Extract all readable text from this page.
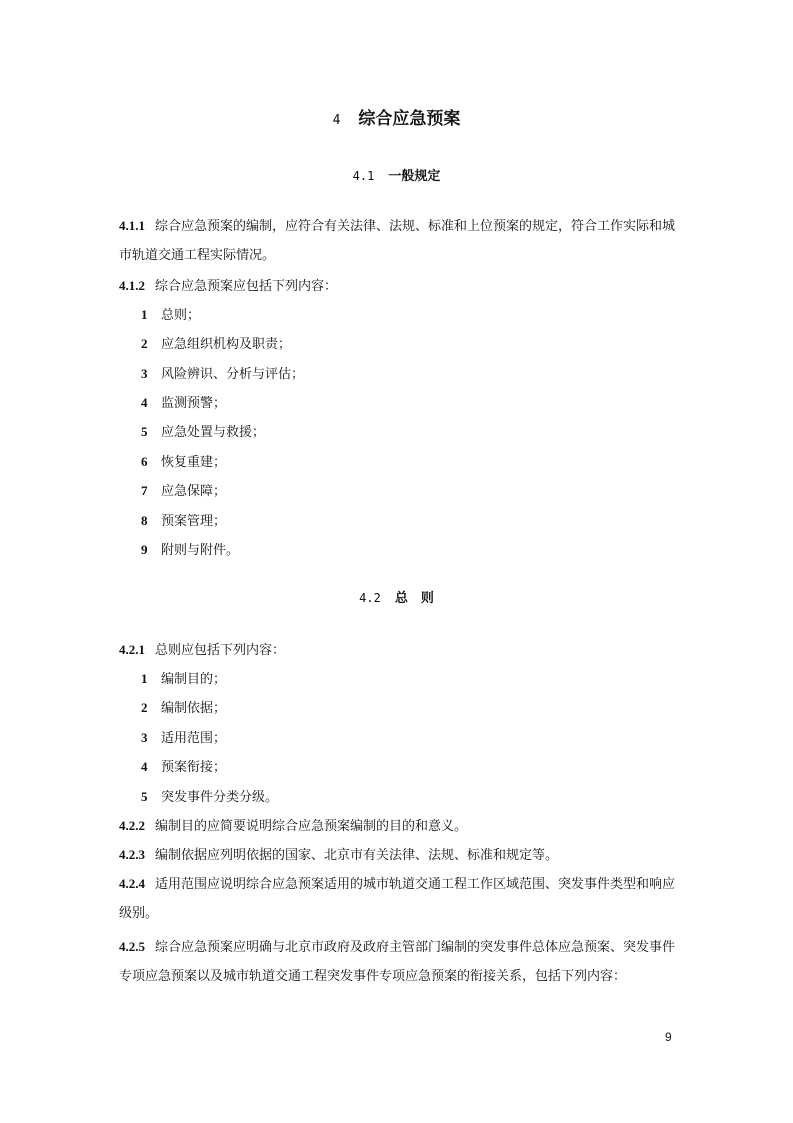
4 综合应急预案
4.1 一般规定
4.1.1 综合应急预案的编制，应符合有关法律、法规、标准和上位预案的规定，符合工作实际和城市轨道交通工程实际情况。
4.1.2 综合应急预案应包括下列内容：
1 总则；
2 应急组织机构及职责；
3 风险辨识、分析与评估；
4 监测预警；
5 应急处置与救援；
6 恢复重建；
7 应急保障；
8 预案管理；
9 附则与附件。
4.2 总　则
4.2.1 总则应包括下列内容：
1 编制目的；
2 编制依据；
3 适用范围；
4 预案衔接；
5 突发事件分类分级。
4.2.2 编制目的应简要说明综合应急预案编制的目的和意义。
4.2.3 编制依据应列明依据的国家、北京市有关法律、法规、标准和规定等。
4.2.4 适用范围应说明综合应急预案适用的城市轨道交通工程工作区域范围、突发事件类型和响应级别。
4.2.5 综合应急预案应明确与北京市政府及政府主管部门编制的突发事件总体应急预案、突发事件专项应急预案以及城市轨道交通工程突发事件专项应急预案的衔接关系，包括下列内容：
9
